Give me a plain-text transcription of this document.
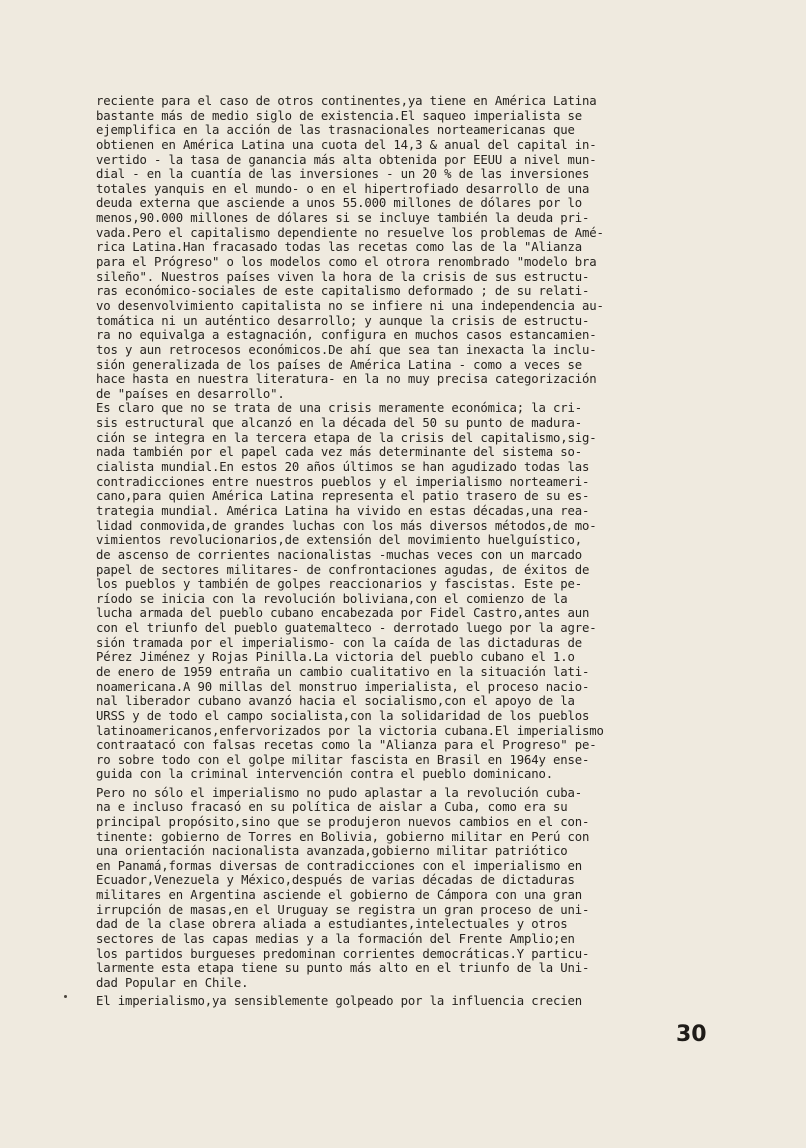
reciente para el caso de otros continentes,ya tiene en América Latina
bastante más de medio siglo de existencia.El saqueo imperialista se
ejemplifica en la acción de las trasnacionales norteamericanas que
obtienen en América Latina una cuota del 14,3 & anual del capital in-
vertido - la tasa de ganancia más alta obtenida por EEUU a nivel mun-
dial - en la cuantía de las inversiones - un 20 % de las inversiones
totales yanquis en el mundo- o en el hipertrofiado desarrollo de una
deuda externa que asciende a unos 55.000 millones de dólares por lo
menos,90.000 millones de dólares si se incluye también la deuda pri-
vada.Pero el capitalismo dependiente no resuelve los problemas de Amé-
rica Latina.Han fracasado todas las recetas como las de la "Alianza
para el Prógreso" o los modelos como el otrora renombrado "modelo bra
sileño". Nuestros países viven la hora de la crisis de sus estructu-
ras económico-sociales de este capitalismo deformado ; de su relati-
vo desenvolvimiento capitalista no se infiere ni una independencia au-
tomática ni un auténtico desarrollo; y aunque la crisis de estructu-
ra no equivalga a estagnación, configura en muchos casos estancamien-
tos y aun retrocesos económicos.De ahí que sea tan inexacta la inclu-
sión generalizada de los países de América Latina - como a veces se
hace hasta en nuestra literatura- en la no muy precisa categorización
de "países en desarrollo".
Es claro que no se trata de una crisis meramente económica; la cri-
sis estructural que alcanzó en la década del 50 su punto de madura-
ción se integra en la tercera etapa de la crisis del capitalismo,sig-
nada también por el papel cada vez más determinante del sistema so-
cialista mundial.En estos 20 años últimos se han agudizado todas las
contradicciones entre nuestros pueblos y el imperialismo norteameri-
cano,para quien América Latina representa el patio trasero de su es-
trategia mundial. América Latina ha vivido en estas décadas,una rea-
lidad conmovida,de grandes luchas con los más diversos métodos,de mo-
vimientos revolucionarios,de extensión del movimiento huelguístico,
de ascenso de corrientes nacionalistas -muchas veces con un marcado
papel de sectores militares- de confrontaciones agudas, de éxitos de
los pueblos y también de golpes reaccionarios y fascistas. Este pe-
ríodo se inicia con la revolución boliviana,con el comienzo de la
lucha armada del pueblo cubano encabezada por Fidel Castro,antes aun
con el triunfo del pueblo guatemalteco - derrotado luego por la agre-
sión tramada por el imperialismo- con la caída de las dictaduras de
Pérez Jiménez y Rojas Pinilla.La victoria del pueblo cubano el 1.o
de enero de 1959 entraña un cambio cualitativo en la situación lati-
noamericana.A 90 millas del monstruo imperialista, el proceso nacio-
nal liberador cubano avanzó hacia el socialismo,con el apoyo de la
URSS y de todo el campo socialista,con la solidaridad de los pueblos
latinoamericanos,enfervorizados por la victoria cubana.El imperialismo
contraatacó con falsas recetas como la "Alianza para el Progreso" pe-
ro sobre todo con el golpe militar fascista en Brasil en 1964y ense-
guida con la criminal intervención contra el pueblo dominicano.
Pero no sólo el imperialismo no pudo aplastar a la revolución cuba-
na e incluso fracasó en su política de aislar a Cuba, como era su
principal propósito,sino que se produjeron nuevos cambios en el con-
tinente: gobierno de Torres en Bolivia, gobierno militar en Perú con
una orientación nacionalista avanzada,gobierno militar patriótico
en Panamá,formas diversas de contradicciones con el imperialismo en
Ecuador,Venezuela y México,después de varias décadas de dictaduras
militares en Argentina asciende el gobierno de Cámpora con una gran
irrupción de masas,en el Uruguay se registra un gran proceso de uni-
dad de la clase obrera aliada a estudiantes,intelectuales y otros
sectores de las capas medias y a la formación del Frente Amplio;en
los partidos burgueses predominan corrientes democráticas.Y particu-
larmente esta etapa tiene su punto más alto en el triunfo de la Uni-
dad Popular en Chile.
El imperialismo,ya sensiblemente golpeado por la influencia crecien
30
